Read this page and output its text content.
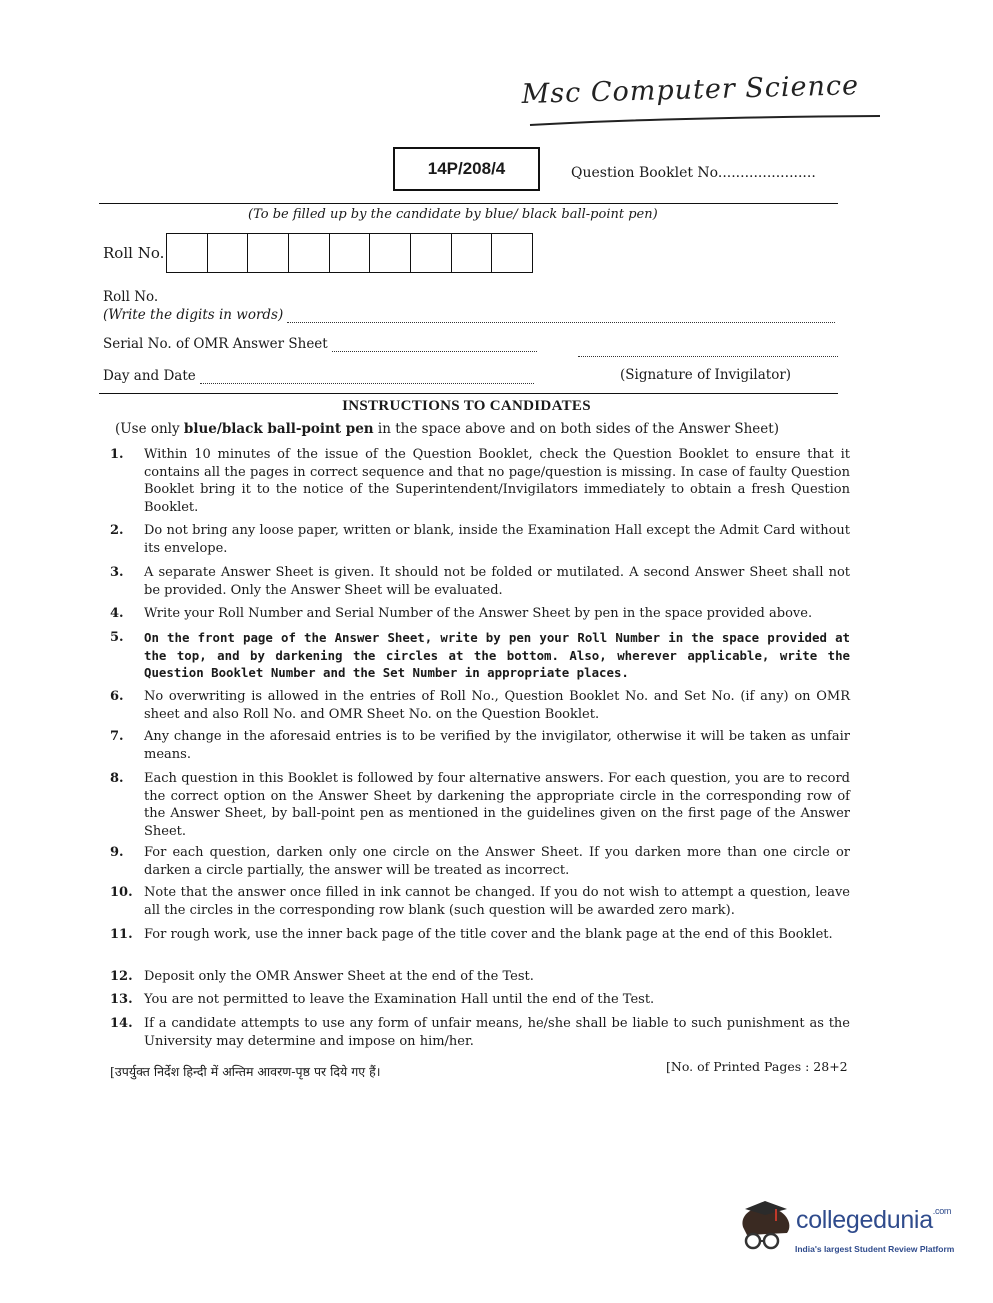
Msc Computer Science
14P/208/4	Question Booklet No......................
(To be filled up by the candidate by blue/ black ball-point pen)
Roll No.
Roll No.
(Write the digits in words)
Serial No. of OMR Answer Sheet
Day and Date	(Signature of Invigilator)
INSTRUCTIONS TO CANDIDATES
(Use only blue/black ball-point pen in the space above and on both sides of the Answer Sheet)
1.	Within 10 minutes of the issue of the Question Booklet, check the Question Booklet to ensure that it contains all the pages in correct sequence and that no page/question is missing. In case of faulty Question Booklet bring it to the notice of the Superintendent/Invigilators immediately to obtain a fresh Question Booklet.
2.	Do not bring any loose paper, written or blank, inside the Examination Hall except the Admit Card without its envelope.
3.	A separate Answer Sheet is given. It should not be folded or mutilated. A second Answer Sheet shall not be provided. Only the Answer Sheet will be evaluated.
4.	Write your Roll Number and Serial Number of the Answer Sheet by pen in the space provided above.
5.	On the front page of the Answer Sheet, write by pen your Roll Number in the space provided at the top, and by darkening the circles at the bottom. Also, wherever applicable, write the Question Booklet Number and the Set Number in appropriate places.
6.	No overwriting is allowed in the entries of Roll No., Question Booklet No. and Set No. (if any) on OMR sheet and also Roll No. and OMR Sheet No. on the Question Booklet.
7.	Any change in the aforesaid entries is to be verified by the invigilator, otherwise it will be taken as unfair means.
8.	Each question in this Booklet is followed by four alternative answers. For each question, you are to record the correct option on the Answer Sheet by darkening the appropriate circle in the corresponding row of the Answer Sheet, by ball-point pen as mentioned in the guidelines given on the first page of the Answer Sheet.
9.	For each question, darken only one circle on the Answer Sheet. If you darken more than one circle or darken a circle partially, the answer will be treated as incorrect.
10. Note that the answer once filled in ink cannot be changed. If you do not wish to attempt a question, leave all the circles in the corresponding row blank (such question will be awarded zero mark).
11. For rough work, use the inner back page of the title cover and the blank page at the end of this Booklet.
12. Deposit only the OMR Answer Sheet at the end of the Test.
13. You are not permitted to leave the Examination Hall until the end of the Test.
14. If a candidate attempts to use any form of unfair means, he/she shall be liable to such punishment as the University may determine and impose on him/her.
[उपर्युक्त निर्देश हिन्दी में अन्तिम आवरण-पृष्ठ पर दिये गए हैं।	[No. of Printed Pages : 28+2
collegedunia$^{.com}$
India's largest Student Review Platform
